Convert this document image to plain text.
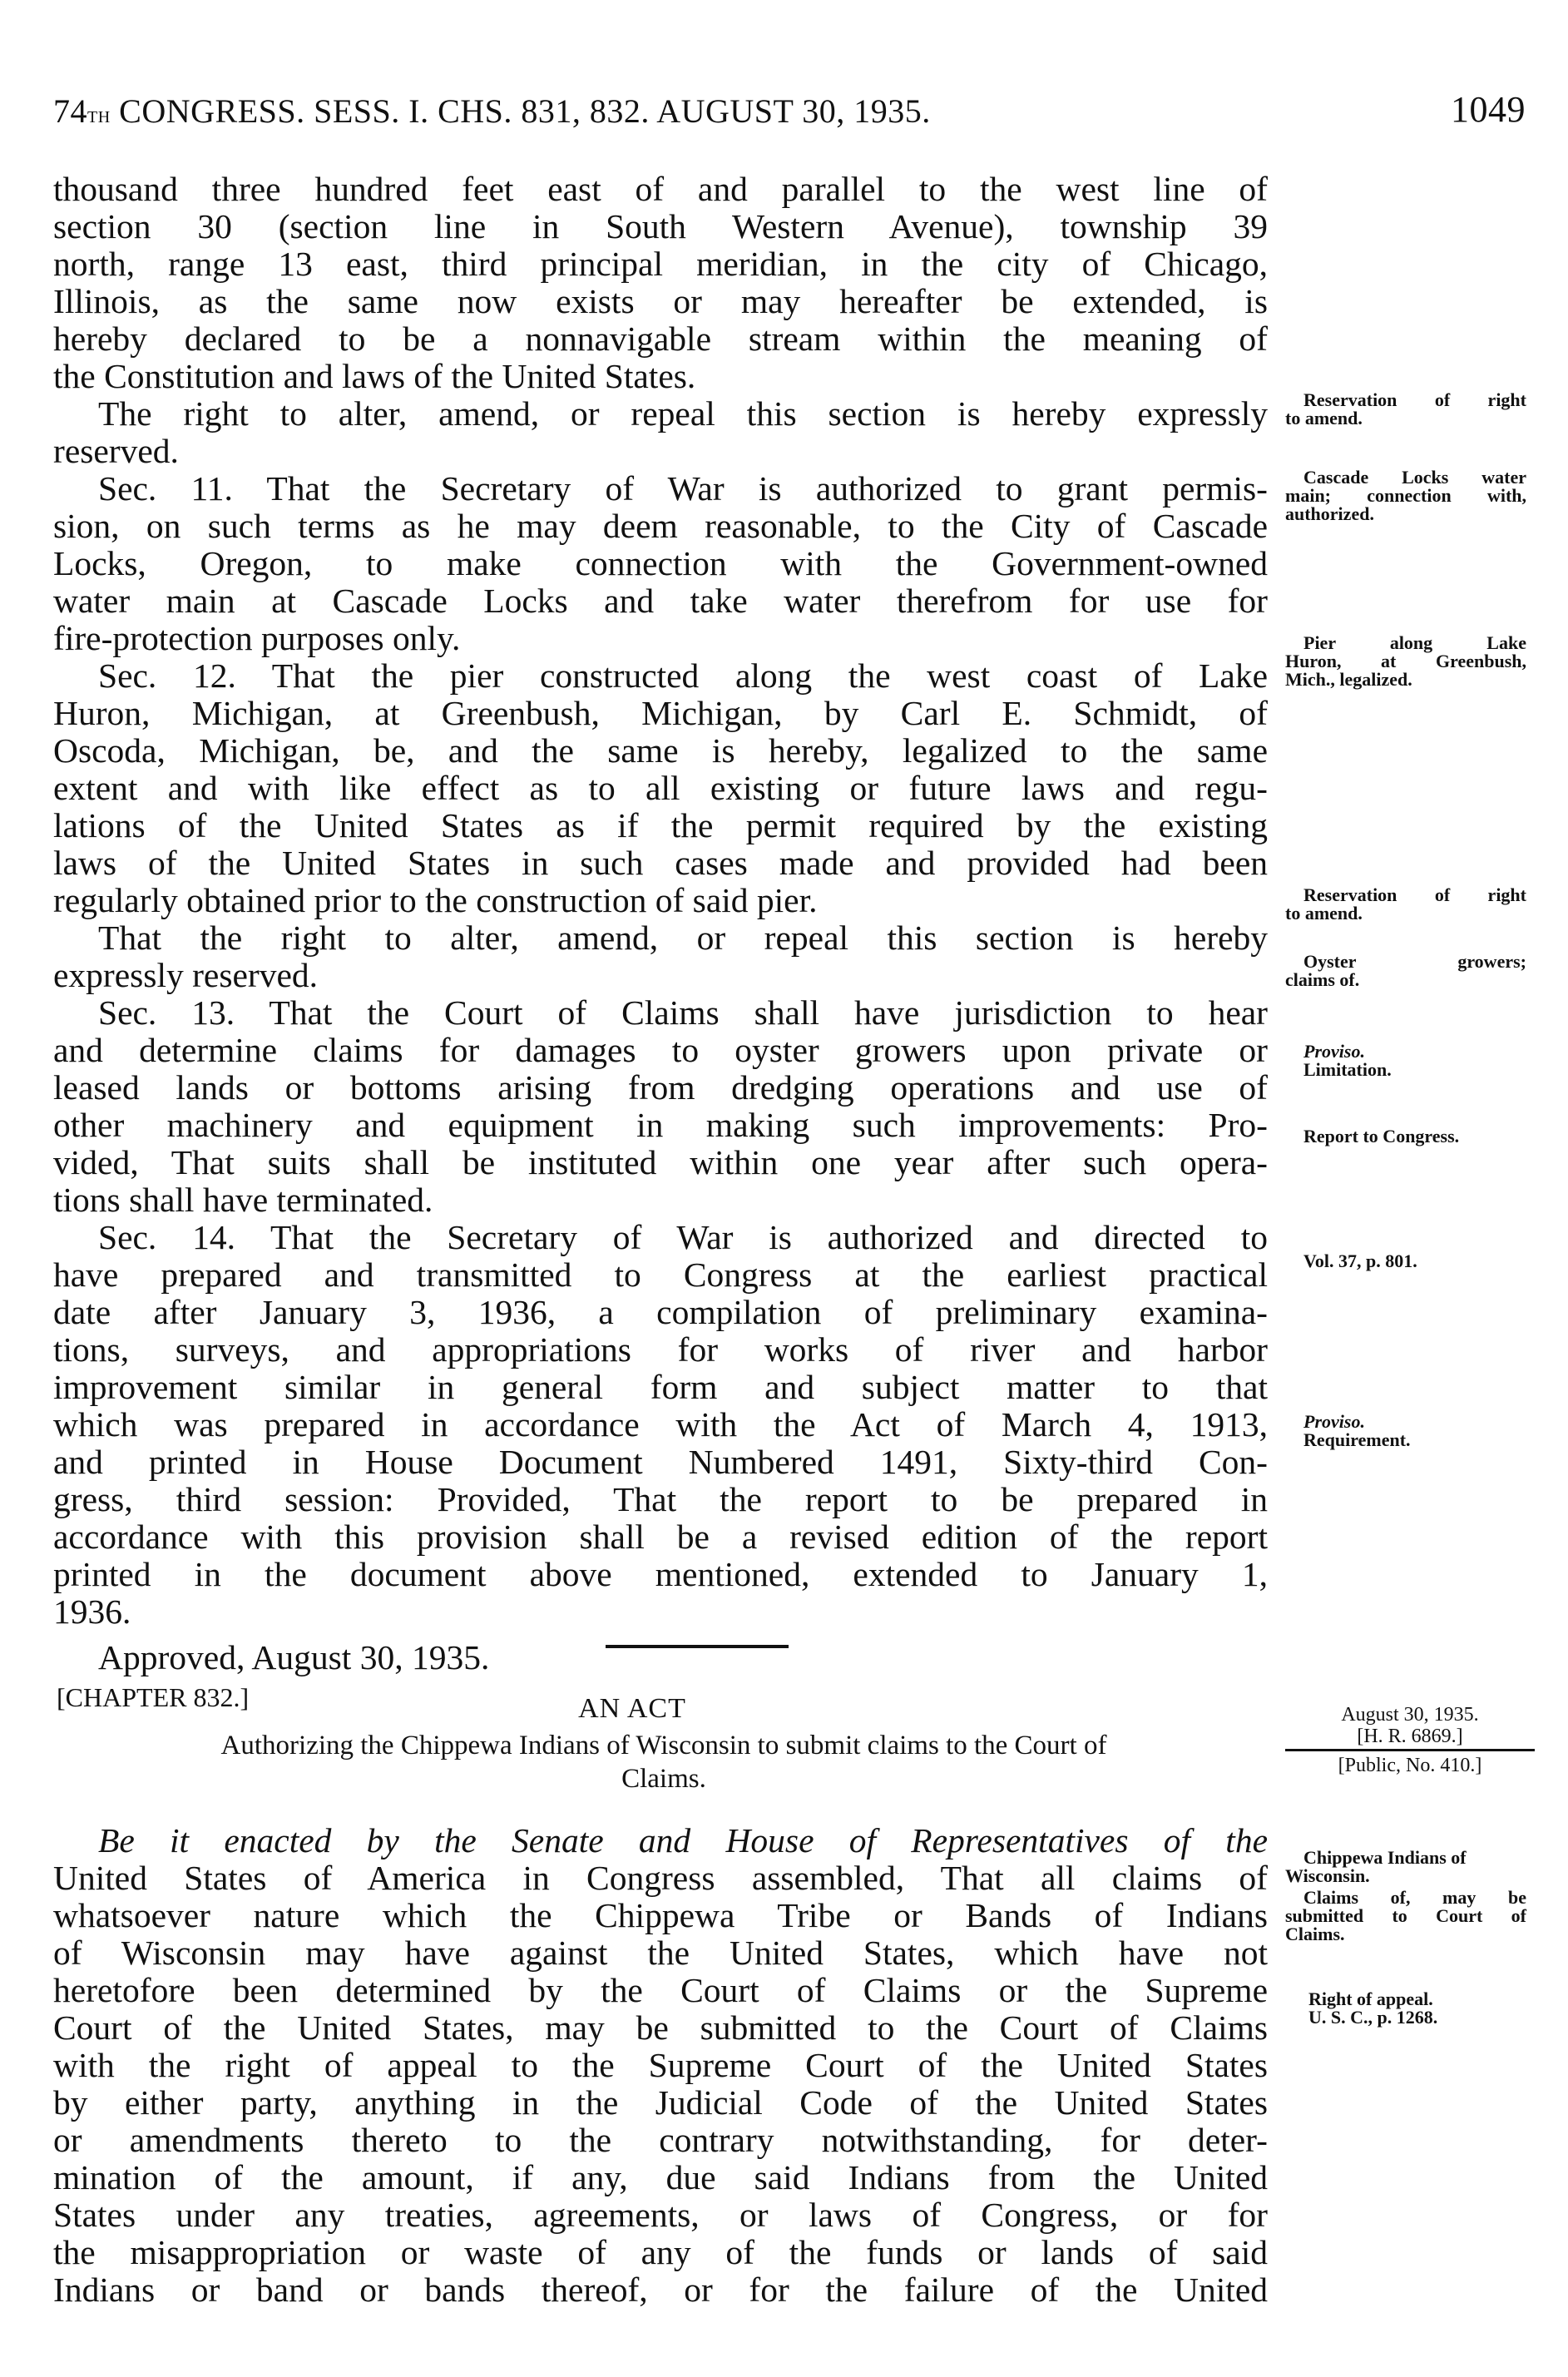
74th CONGRESS. SESS. I. CHS. 831, 832. AUGUST 30, 1935.	1049
thousand three hundred feet east of and parallel to the west line of
section 30 (section line in South Western Avenue), township 39
north, range 13 east, third principal meridian, in the city of Chicago,
Illinois, as the same now exists or may hereafter be extended, is
hereby declared to be a nonnavigable stream within the meaning of
the Constitution and laws of the United States.
The right to alter, amend, or repeal this section is hereby expressly
reserved.
Sec. 11. That the Secretary of War is authorized to grant permis-
sion, on such terms as he may deem reasonable, to the City of Cascade
Locks, Oregon, to make connection with the Government-owned
water main at Cascade Locks and take water therefrom for use for
fire-protection purposes only.
Sec. 12. That the pier constructed along the west coast of Lake
Huron, Michigan, at Greenbush, Michigan, by Carl E. Schmidt, of
Oscoda, Michigan, be, and the same is hereby, legalized to the same
extent and with like effect as to all existing or future laws and regu-
lations of the United States as if the permit required by the existing
laws of the United States in such cases made and provided had been
regularly obtained prior to the construction of said pier.
That the right to alter, amend, or repeal this section is hereby
expressly reserved.
Sec. 13. That the Court of Claims shall have jurisdiction to hear
and determine claims for damages to oyster growers upon private or
leased lands or bottoms arising from dredging operations and use of
other machinery and equipment in making such improvements: Pro-
vided, That suits shall be instituted within one year after such opera-
tions shall have terminated.
Sec. 14. That the Secretary of War is authorized and directed to
have prepared and transmitted to Congress at the earliest practical
date after January 3, 1936, a compilation of preliminary examina-
tions, surveys, and appropriations for works of river and harbor
improvement similar in general form and subject matter to that
which was prepared in accordance with the Act of March 4, 1913,
and printed in House Document Numbered 1491, Sixty-third Con-
gress, third session: Provided, That the report to be prepared in
accordance with this provision shall be a revised edition of the report
printed in the document above mentioned, extended to January 1,
1936.
Approved, August 30, 1935.
Reservation of right
to amend.
Cascade Locks water
main; connection with,
authorized.
Pier along Lake
Huron, at Greenbush,
Mich., legalized.
Reservation of right
to amend.
Oyster growers;
claims of.
Proviso.
Limitation.
Report to Congress.
Vol. 37, p. 801.
Proviso.
Requirement.
[CHAPTER 832.]	AN ACT
Authorizing the Chippewa Indians of Wisconsin to submit claims to the Court of
Claims.
August 30, 1935.
[H. R. 6869.]
[Public, No. 410.]
Be it enacted by the Senate and House of Representatives of the
United States of America in Congress assembled, That all claims of
whatsoever nature which the Chippewa Tribe or Bands of Indians
of Wisconsin may have against the United States, which have not
heretofore been determined by the Court of Claims or the Supreme
Court of the United States, may be submitted to the Court of Claims
with the right of appeal to the Supreme Court of the United States
by either party, anything in the Judicial Code of the United States
or amendments thereto to the contrary notwithstanding, for deter-
mination of the amount, if any, due said Indians from the United
States under any treaties, agreements, or laws of Congress, or for
the misappropriation or waste of any of the funds or lands of said
Indians or band or bands thereof, or for the failure of the United
Chippewa Indians of
Wisconsin.
Claims of, may be
submitted to Court of
Claims.
Right of appeal.
U. S. C., p. 1268.
